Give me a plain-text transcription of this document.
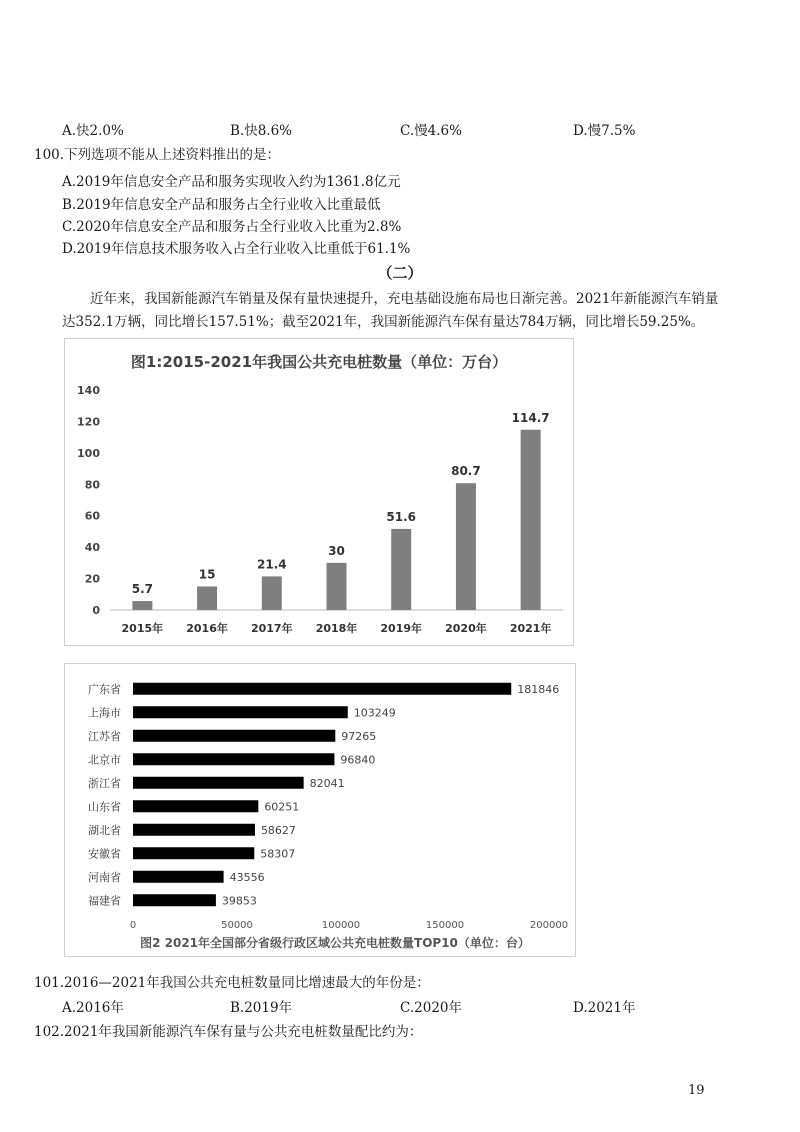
A.快2.0%	B.快8.6%	C.慢4.6%	D.慢7.5%
100.下列选项不能从上述资料推出的是：
A.2019年信息安全产品和服务实现收入约为1361.8亿元
B.2019年信息安全产品和服务占全行业收入比重最低
C.2020年信息安全产品和服务占全行业收入比重为2.8%
D.2019年信息技术服务收入占全行业收入比重低于61.1%
（二）
近年来，我国新能源汽车销量及保有量快速提升，充电基础设施布局也日渐完善。2021年新能源汽车销量
达352.1万辆，同比增长157.51%；截至2021年，我国新能源汽车保有量达784万辆，同比增长59.25%。
图1:2015-2021年我国公共充电桩数量（单位：万台）
0
20
40
60
80
100
120
140
5.7
2015年
15
2016年
21.4
2017年
30
2018年
51.6
2019年
80.7
2020年
114.7
2021年
0	50000	100000	150000	200000
广东省	181846
上海市	103249
江苏省	97265
北京市	96840
浙江省	82041
山东省	60251
湖北省	58627
安徽省	58307
河南省	43556
福建省	39853
图2 2021年全国部分省级行政区域公共充电桩数量TOP10（单位：台）
101.2016—2021年我国公共充电桩数量同比增速最大的年份是：
A.2016年	B.2019年	C.2020年	D.2021年
102.2021年我国新能源汽车保有量与公共充电桩数量配比约为：
19
